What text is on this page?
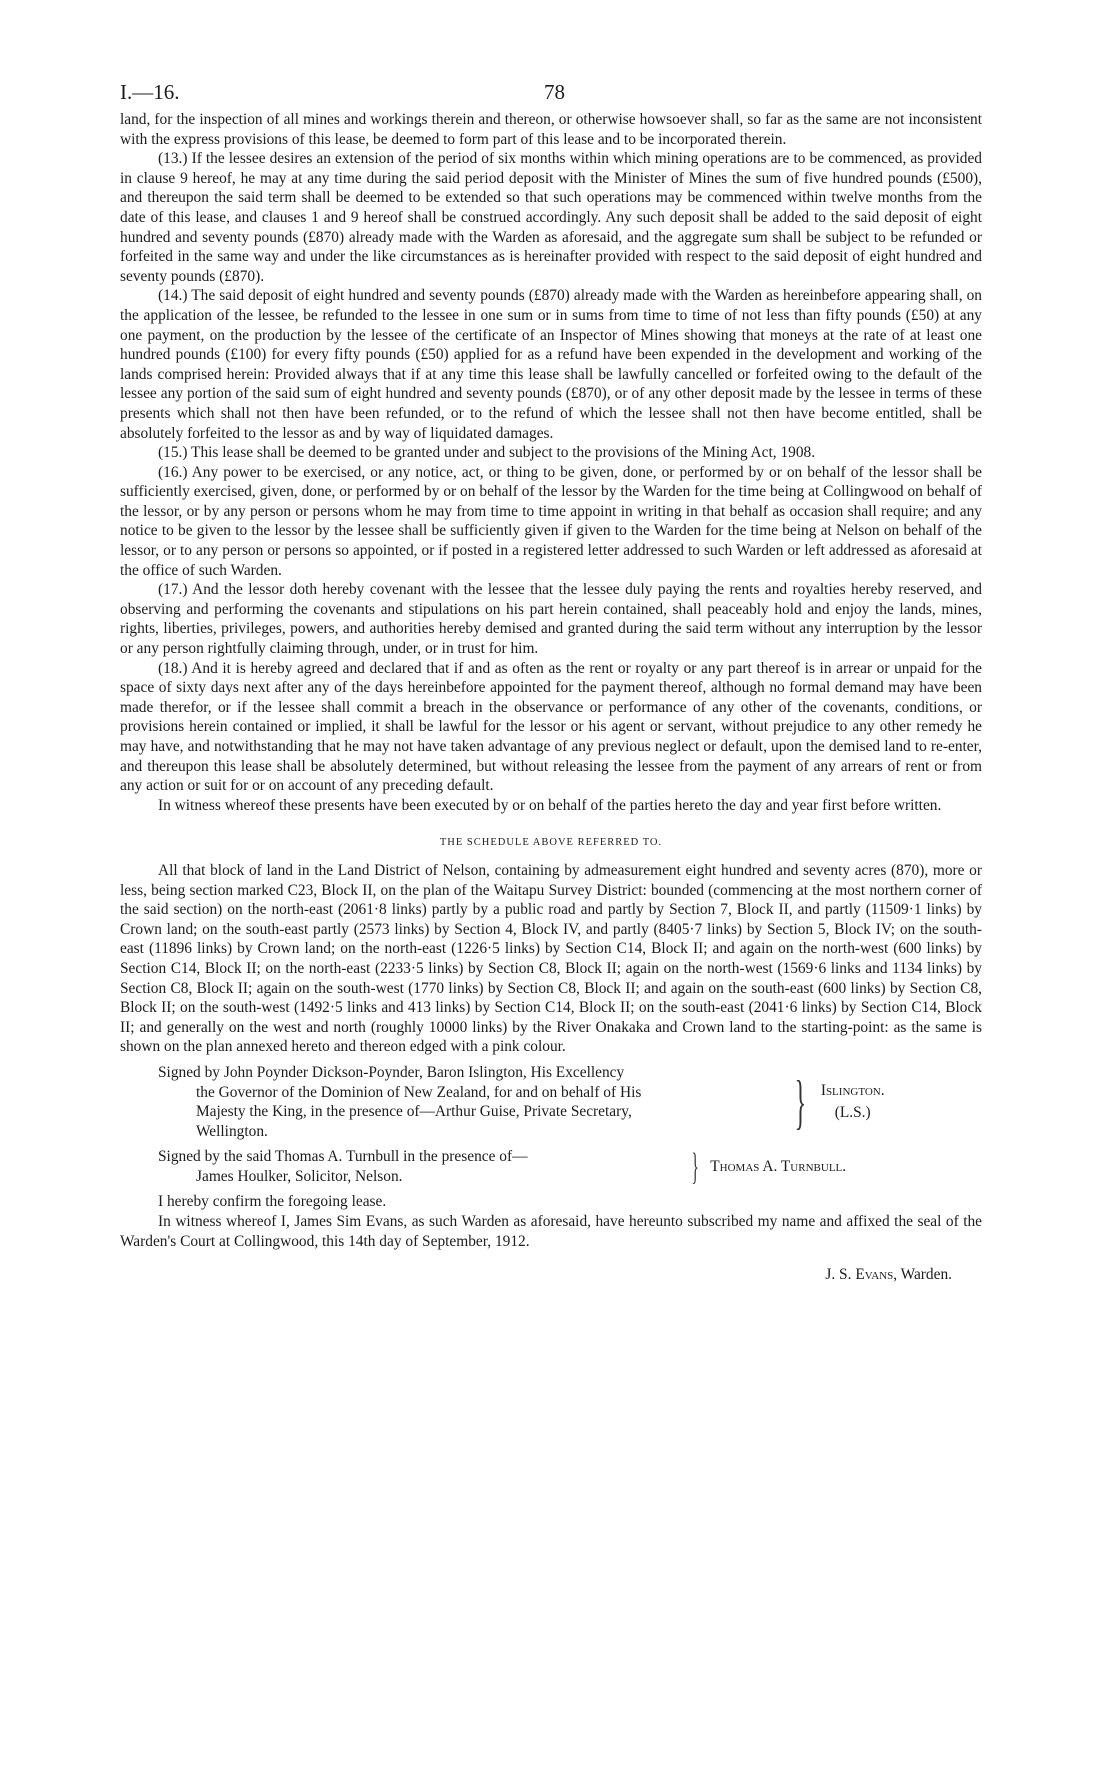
I.—16.	78

land, for the inspection of all mines and workings therein and thereon, or otherwise howsoever shall, so far as the same are not inconsistent with the express provisions of this lease, be deemed to form part of this lease and to be incorporated therein.

(13.) If the lessee desires an extension of the period of six months within which mining operations are to be commenced, as provided in clause 9 hereof, he may at any time during the said period deposit with the Minister of Mines the sum of five hundred pounds (£500), and thereupon the said term shall be deemed to be extended so that such operations may be commenced within twelve months from the date of this lease, and clauses 1 and 9 hereof shall be construed accordingly. Any such deposit shall be added to the said deposit of eight hundred and seventy pounds (£870) already made with the Warden as aforesaid, and the aggregate sum shall be subject to be refunded or forfeited in the same way and under the like circumstances as is hereinafter provided with respect to the said deposit of eight hundred and seventy pounds (£870).

(14.) The said deposit of eight hundred and seventy pounds (£870) already made with the Warden as hereinbefore appearing shall, on the application of the lessee, be refunded to the lessee in one sum or in sums from time to time of not less than fifty pounds (£50) at any one payment, on the production by the lessee of the certificate of an Inspector of Mines showing that moneys at the rate of at least one hundred pounds (£100) for every fifty pounds (£50) applied for as a refund have been expended in the development and working of the lands comprised herein: Provided always that if at any time this lease shall be lawfully cancelled or forfeited owing to the default of the lessee any portion of the said sum of eight hundred and seventy pounds (£870), or of any other deposit made by the lessee in terms of these presents which shall not then have been refunded, or to the refund of which the lessee shall not then have become entitled, shall be absolutely forfeited to the lessor as and by way of liquidated damages.

(15.) This lease shall be deemed to be granted under and subject to the provisions of the Mining Act, 1908.

(16.) Any power to be exercised, or any notice, act, or thing to be given, done, or performed by or on behalf of the lessor shall be sufficiently exercised, given, done, or performed by or on behalf of the lessor by the Warden for the time being at Collingwood on behalf of the lessor, or by any person or persons whom he may from time to time appoint in writing in that behalf as occasion shall require; and any notice to be given to the lessor by the lessee shall be sufficiently given if given to the Warden for the time being at Nelson on behalf of the lessor, or to any person or persons so appointed, or if posted in a registered letter addressed to such Warden or left addressed as aforesaid at the office of such Warden.

(17.) And the lessor doth hereby covenant with the lessee that the lessee duly paying the rents and royalties hereby reserved, and observing and performing the covenants and stipulations on his part herein contained, shall peaceably hold and enjoy the lands, mines, rights, liberties, privileges, powers, and authorities hereby demised and granted during the said term without any interruption by the lessor or any person rightfully claiming through, under, or in trust for him.

(18.) And it is hereby agreed and declared that if and as often as the rent or royalty or any part thereof is in arrear or unpaid for the space of sixty days next after any of the days hereinbefore appointed for the payment thereof, although no formal demand may have been made therefor, or if the lessee shall commit a breach in the observance or performance of any other of the covenants, conditions, or provisions herein contained or implied, it shall be lawful for the lessor or his agent or servant, without prejudice to any other remedy he may have, and notwithstanding that he may not have taken advantage of any previous neglect or default, upon the demised land to re-enter, and thereupon this lease shall be absolutely determined, but without releasing the lessee from the payment of any arrears of rent or from any action or suit for or on account of any preceding default.

In witness whereof these presents have been executed by or on behalf of the parties hereto the day and year first before written.

THE SCHEDULE ABOVE REFERRED TO.

All that block of land in the Land District of Nelson, containing by admeasurement eight hundred and seventy acres (870), more or less, being section marked C23, Block II, on the plan of the Waitapu Survey District: bounded (commencing at the most northern corner of the said section) on the north-east (2061·8 links) partly by a public road and partly by Section 7, Block II, and partly (11509·1 links) by Crown land; on the south-east partly (2573 links) by Section 4, Block IV, and partly (8405·7 links) by Section 5, Block IV; on the south-east (11896 links) by Crown land; on the north-east (1226·5 links) by Section C14, Block II; and again on the north-west (600 links) by Section C14, Block II; on the north-east (2233·5 links) by Section C8, Block II; again on the north-west (1569·6 links and 1134 links) by Section C8, Block II; again on the south-west (1770 links) by Section C8, Block II; and again on the south-east (600 links) by Section C8, Block II; on the south-west (1492·5 links and 413 links) by Section C14, Block II; on the south-east (2041·6 links) by Section C14, Block II; and generally on the west and north (roughly 10000 links) by the River Onakaka and Crown land to the starting-point: as the same is shown on the plan annexed hereto and thereon edged with a pink colour.

Signed by John Poynder Dickson-Poynder, Baron Islington, His Excellency
the Governor of the Dominion of New Zealand, for and on behalf of His
Majesty the King, in the presence of—Arthur Guise, Private Secretary,
Wellington.	} Islington.
(L.S.)
Signed by the said Thomas A. Turnbull in the presence of—
James Houlker, Solicitor, Nelson.	} Thomas A. Turnbull.

I hereby confirm the foregoing lease.

In witness whereof I, James Sim Evans, as such Warden as aforesaid, have hereunto subscribed my name and affixed the seal of the Warden's Court at Collingwood, this 14th day of September, 1912.

J. S. Evans, Warden.
